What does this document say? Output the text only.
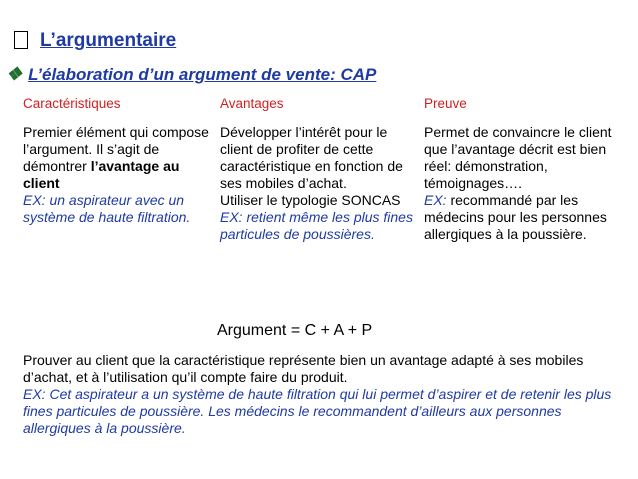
L’argumentaire
❖ L’élaboration d’un argument de vente: CAP
Caractéristiques	Avantages	Preuve

Premier élément qui compose l’argument. Il s’agit de démontrer l’avantage au client

EX: un aspirateur avec un système de haute filtration.

Développer l’intérêt pour le client de profiter de cette caractéristique en fonction de ses mobiles d’achat.

Utiliser le typologie SONCAS

EX: retient même les plus fines particules de poussières.

Permet de convaincre le client que l’avantage décrit est bien réel: démonstration, témoignages….

EX: recommandé par les médecins pour les personnes allergiques à la poussière.

Argument = C + A + P

Prouver au client que la caractéristique représente bien un avantage adapté à ses mobiles d’achat, et à l’utilisation qu’il compte faire du produit.

EX: Cet aspirateur a un système de haute filtration qui lui permet d’aspirer et de retenir les plus fines particules de poussière. Les médecins le recommandent d’ailleurs aux personnes allergiques à la poussière.
